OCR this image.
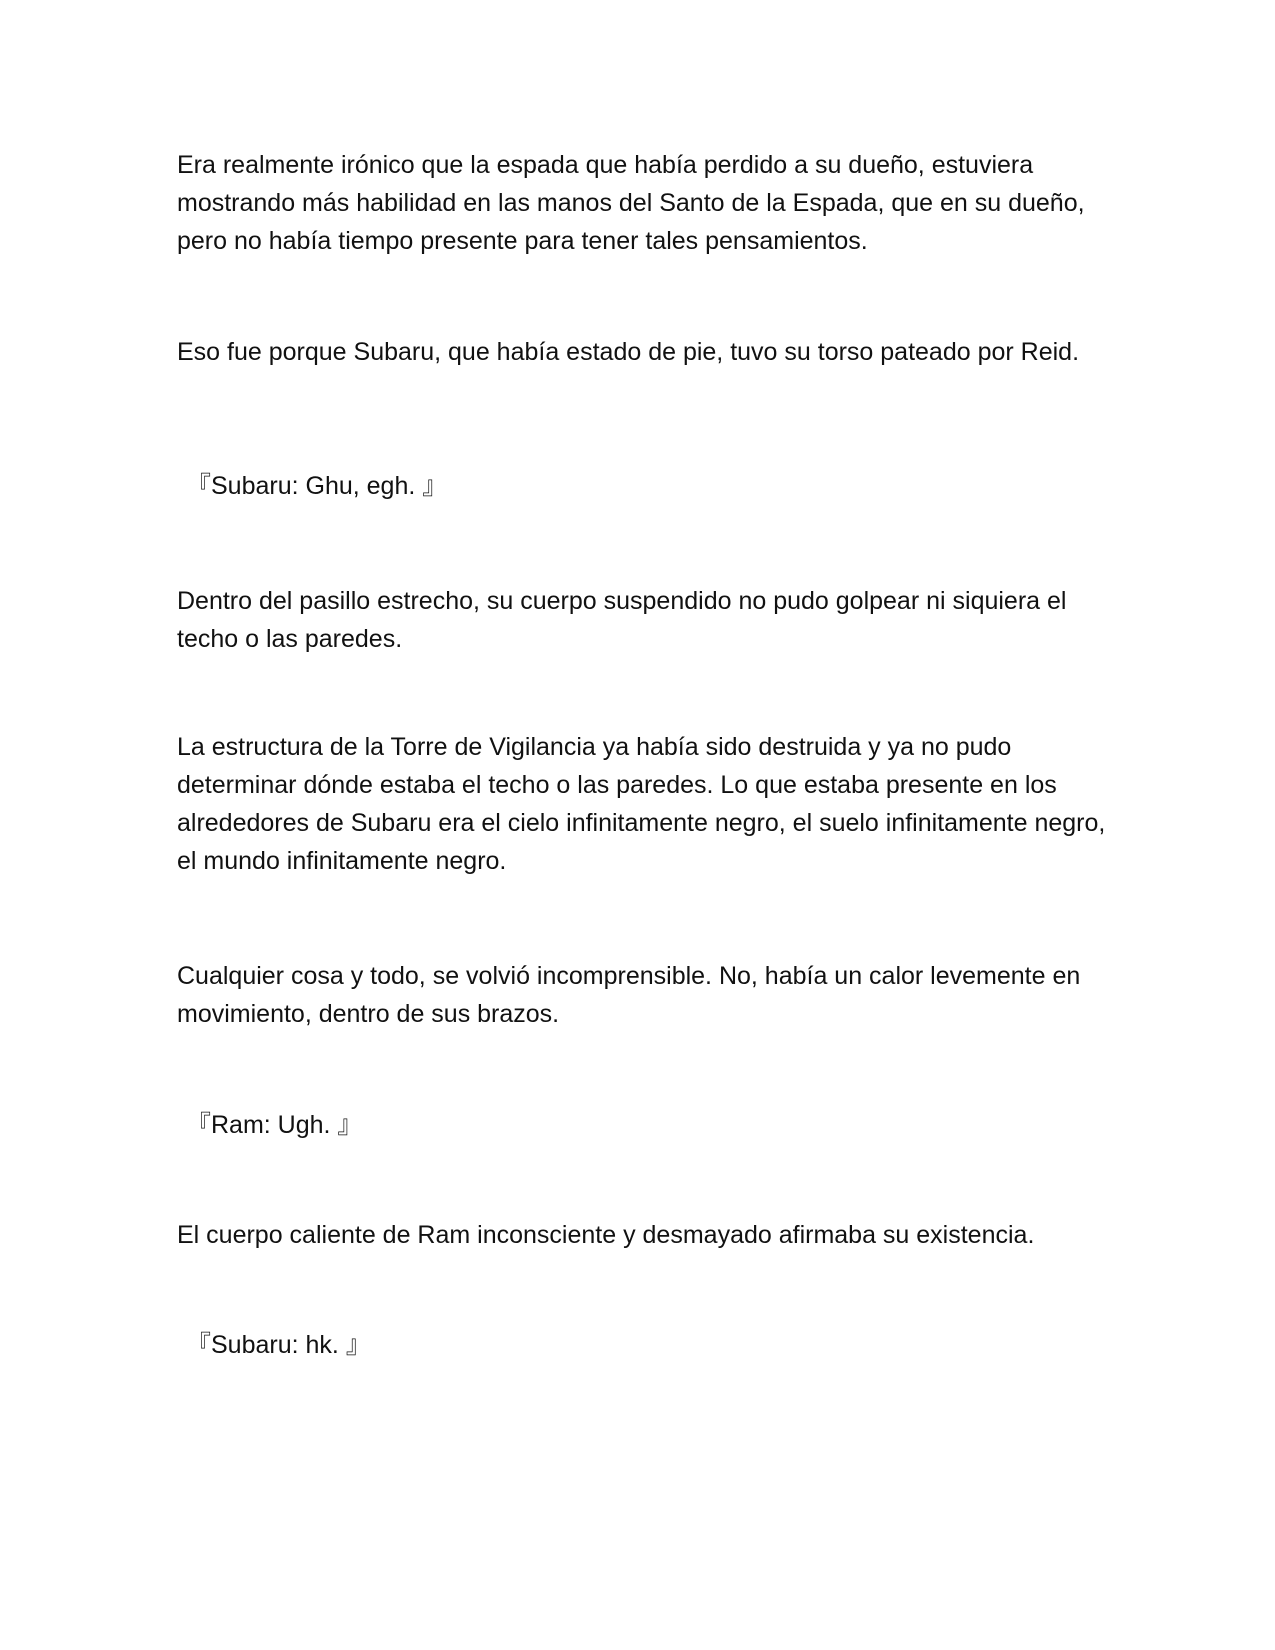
Era realmente irónico que la espada que había perdido a su dueño, estuviera mostrando más habilidad en las manos del Santo de la Espada, que en su dueño, pero no había tiempo presente para tener tales pensamientos.

Eso fue porque Subaru, que había estado de pie, tuvo su torso pateado por Reid.

『Subaru: Ghu, egh. 』

Dentro del pasillo estrecho, su cuerpo suspendido no pudo golpear ni siquiera el techo o las paredes.

La estructura de la Torre de Vigilancia ya había sido destruida y ya no pudo determinar dónde estaba el techo o las paredes. Lo que estaba presente en los alrededores de Subaru era el cielo infinitamente negro, el suelo infinitamente negro, el mundo infinitamente negro.

Cualquier cosa y todo, se volvió incomprensible. No, había un calor levemente en movimiento, dentro de sus brazos.

『Ram: Ugh. 』

El cuerpo caliente de Ram inconsciente y desmayado afirmaba su existencia.

『Subaru: hk. 』
